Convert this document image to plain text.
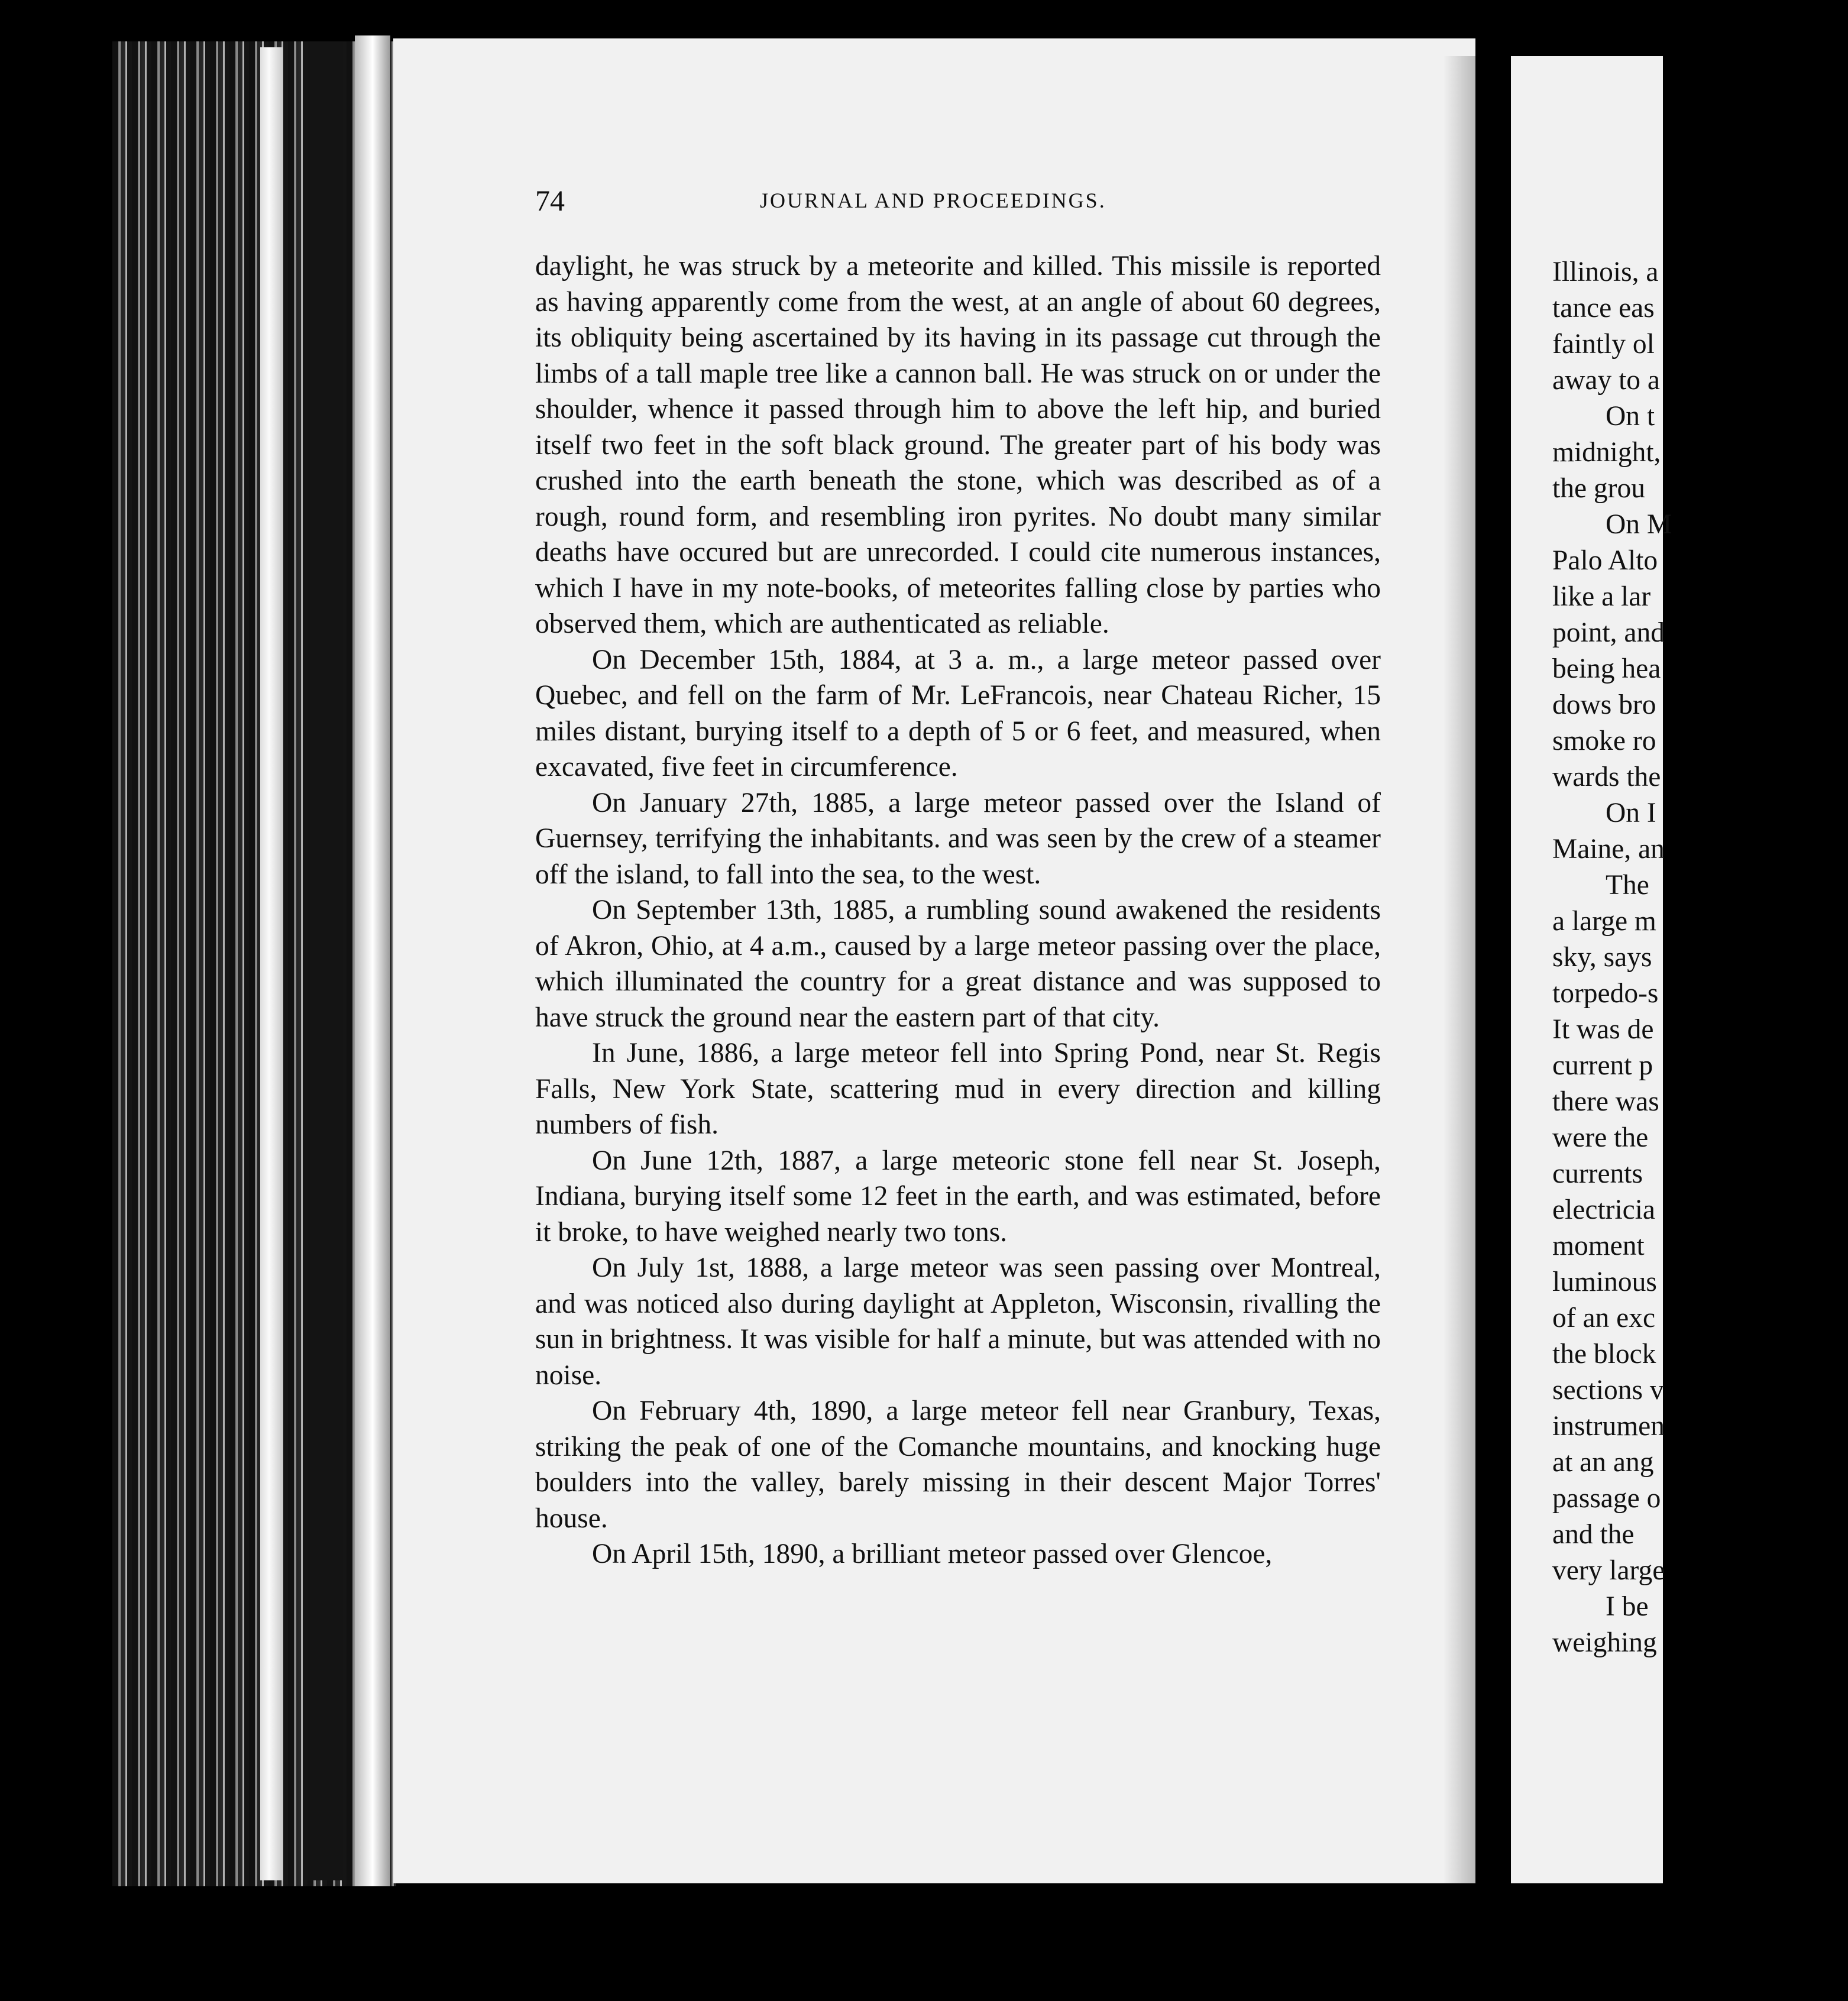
74	JOURNAL AND PROCEEDINGS.

daylight, he was struck by a meteorite and killed. This missile is reported as having apparently come from the west, at an angle of about 60 degrees, its obliquity being ascertained by its having in its passage cut through the limbs of a tall maple tree like a cannon ball. He was struck on or under the shoulder, whence it passed through him to above the left hip, and buried itself two feet in the soft black ground. The greater part of his body was crushed into the earth beneath the stone, which was described as of a rough, round form, and resembling iron pyrites. No doubt many similar deaths have occured but are unrecorded. I could cite numerous instances, which I have in my note-books, of meteorites falling close by parties who observed them, which are authenticated as reliable.

On December 15th, 1884, at 3 a. m., a large meteor passed over Quebec, and fell on the farm of Mr. LeFrancois, near Chateau Richer, 15 miles distant, burying itself to a depth of 5 or 6 feet, and measured, when excavated, five feet in circumference.

On January 27th, 1885, a large meteor passed over the Island of Guernsey, terrifying the inhabitants. and was seen by the crew of a steamer off the island, to fall into the sea, to the west.

On September 13th, 1885, a rumbling sound awakened the residents of Akron, Ohio, at 4 a.m., caused by a large meteor passing over the place, which illuminated the country for a great distance and was supposed to have struck the ground near the eastern part of that city.

In June, 1886, a large meteor fell into Spring Pond, near St. Regis Falls, New York State, scattering mud in every direction and killing numbers of fish.

On June 12th, 1887, a large meteoric stone fell near St. Joseph, Indiana, burying itself some 12 feet in the earth, and was estimated, before it broke, to have weighed nearly two tons.

On July 1st, 1888, a large meteor was seen passing over Montreal, and was noticed also during daylight at Appleton, Wisconsin, rivalling the sun in brightness. It was visible for half a minute, but was attended with no noise.

On February 4th, 1890, a large meteor fell near Granbury, Texas, striking the peak of one of the Comanche mountains, and knocking huge boulders into the valley, barely missing in their descent Major Torres' house.

On April 15th, 1890, a brilliant meteor passed over Glencoe,

Illinois, a
tance eas
faintly ol
away to a
On t
midnight,
the grou
On M
Palo Alto
like a lar
point, and
being hea
dows bro
smoke ro
wards the
On I
Maine, an
The
a large m
sky, says
torpedo-s
It was de
current p
there was
were the
currents
electricia
moment
luminous
of an exc
the block
sections v
instrumen
at an ang
passage o
and the
very large
I be
weighing
